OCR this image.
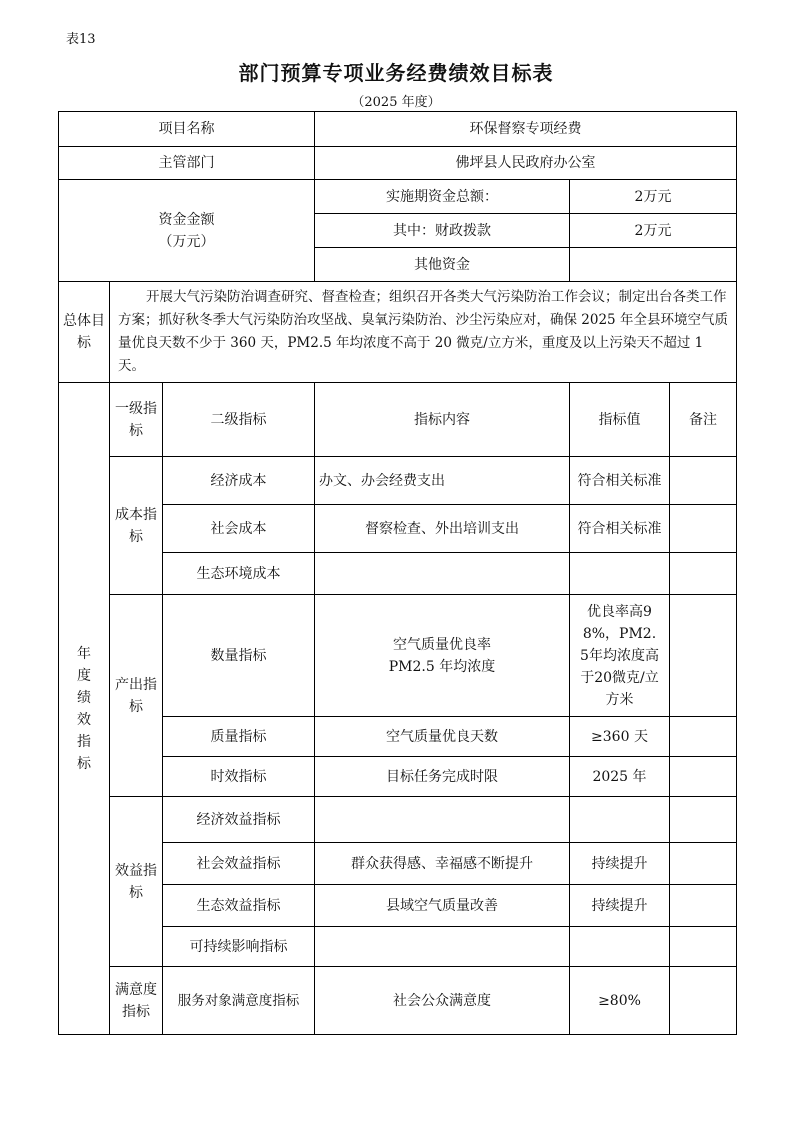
表13
部门预算专项业务经费绩效目标表
（2025 年度）
项目名称			环保督察专项经费		
主管部门			佛坪县人民政府办公室		

资金金额
（万元）			实施期资金总额：	2万元	
			其中：财政拨款	2万元	
			其他资金		
总体目标	开展大气污染防治调查研究、督查检查；组织召开各类大气污染防治工作会议；制定出台各类工作方案；抓好秋冬季大气污染防治攻坚战、臭氧污染防治、沙尘污染应对，确保 2025 年全县环境空气质量优良天数不少于 360 天，PM2.5 年均浓度不高于 20 微克/立方米，重度及以上污染天不超过 1 天。				
年度绩效指标	一级指标	二级指标	指标内容	指标值	备注
	成本指标	经济成本	办文、办会经费支出	符合相关标准	
		社会成本	督察检查、外出培训支出	符合相关标准	
		生态环境成本			
	产出指标	数量指标	空气质量优良率
PM2.5 年均浓度	优良率高98%，PM2.5年均浓度高于20微克/立方米	
		质量指标	空气质量优良天数	≥360 天	
		时效指标	目标任务完成时限	2025 年	
	效益指标	经济效益指标			
		社会效益指标	群众获得感、幸福感不断提升	持续提升	
		生态效益指标	县域空气质量改善	持续提升	
		可持续影响指标			
	满意度指标	服务对象满意度指标	社会公众满意度	≥80%	
